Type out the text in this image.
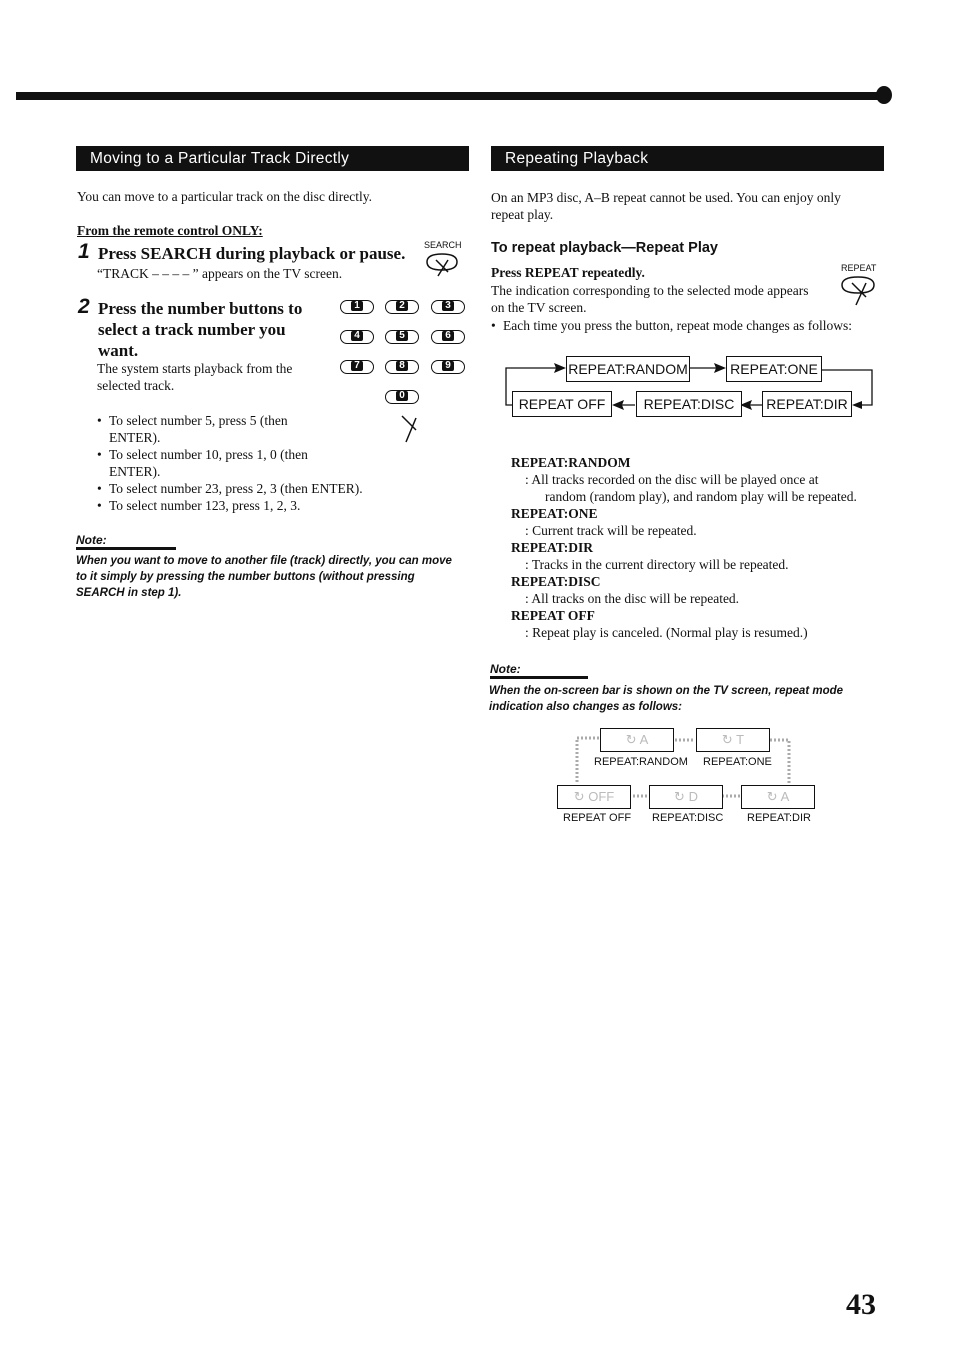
Moving to a Particular Track Directly
You can move to a particular track on the disc directly.
From the remote control ONLY:
1 Press SEARCH during playback or pause.
“TRACK – – – – ” appears on the TV screen.
SEARCH
2 Press the number buttons to
select a track number you
want.
The system starts playback from the
selected track.
1	2	3
4	5	6
7	8	9
0
• To select number 5, press 5 (then
ENTER).
• To select number 10, press 1, 0 (then
ENTER).
• To select number 23, press 2, 3 (then ENTER).
• To select number 123, press 1, 2, 3.
Note:
When you want to move to another file (track) directly, you can move
to it simply by pressing the number buttons (without pressing
SEARCH in step 1).
Repeating Playback
On an MP3 disc, A–B repeat cannot be used. You can enjoy only
repeat play.
To repeat playback—Repeat Play
Press REPEAT repeatedly.	REPEAT
The indication corresponding to the selected mode appears
on the TV screen.
• Each time you press the button, repeat mode changes as follows:
REPEAT:RANDOM	REPEAT:ONE
REPEAT OFF	REPEAT:DISC	REPEAT:DIR
REPEAT:RANDOM
: All tracks recorded on the disc will be played once at
random (random play), and random play will be repeated.
REPEAT:ONE
: Current track will be repeated.
REPEAT:DIR
: Tracks in the current directory will be repeated.
REPEAT:DISC
: All tracks on the disc will be repeated.
REPEAT OFF
: Repeat play is canceled. (Normal play is resumed.)
Note:
When the on-screen bar is shown on the TV screen, repeat mode
indication also changes as follows:
↻ A	↻ T
REPEAT:RANDOM REPEAT:ONE
↻ OFF	↻ D	↻ A
REPEAT OFF REPEAT:DISC REPEAT:DIR
43
